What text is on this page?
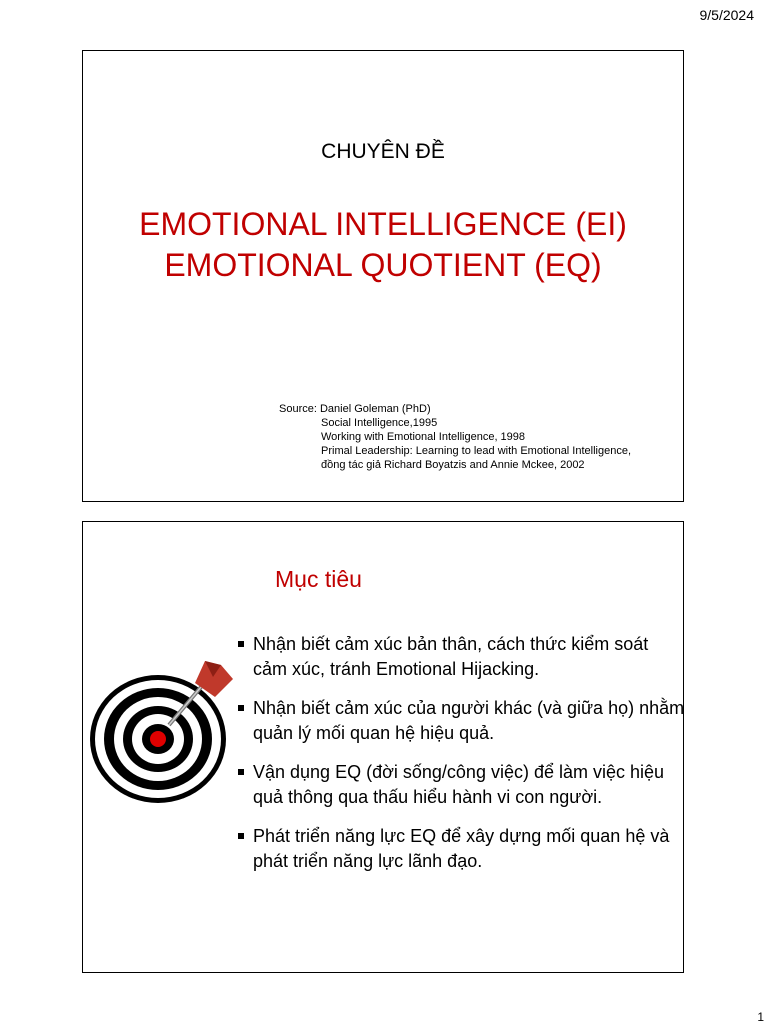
9/5/2024
CHUYÊN ĐỀ
EMOTIONAL INTELLIGENCE (EI)
EMOTIONAL QUOTIENT (EQ)
Source: Daniel Goleman (PhD)
Social Intelligence,1995
Working with Emotional Intelligence, 1998
Primal Leadership: Learning to lead with Emotional Intelligence,
đồng tác giả Richard Boyatzis and Annie Mckee, 2002
Mục tiêu
Nhận biết cảm xúc bản thân, cách thức kiểm soát cảm xúc, tránh Emotional Hijacking.
Nhận biết cảm xúc của người khác (và giữa họ) nhằm quản lý mối quan hệ hiệu quả.
Vận dụng EQ (đời sống/công việc) để làm việc hiệu quả thông qua thấu hiểu hành vi con người.
Phát triển năng lực EQ để xây dựng mối quan hệ và phát triển năng lực lãnh đạo.
1
